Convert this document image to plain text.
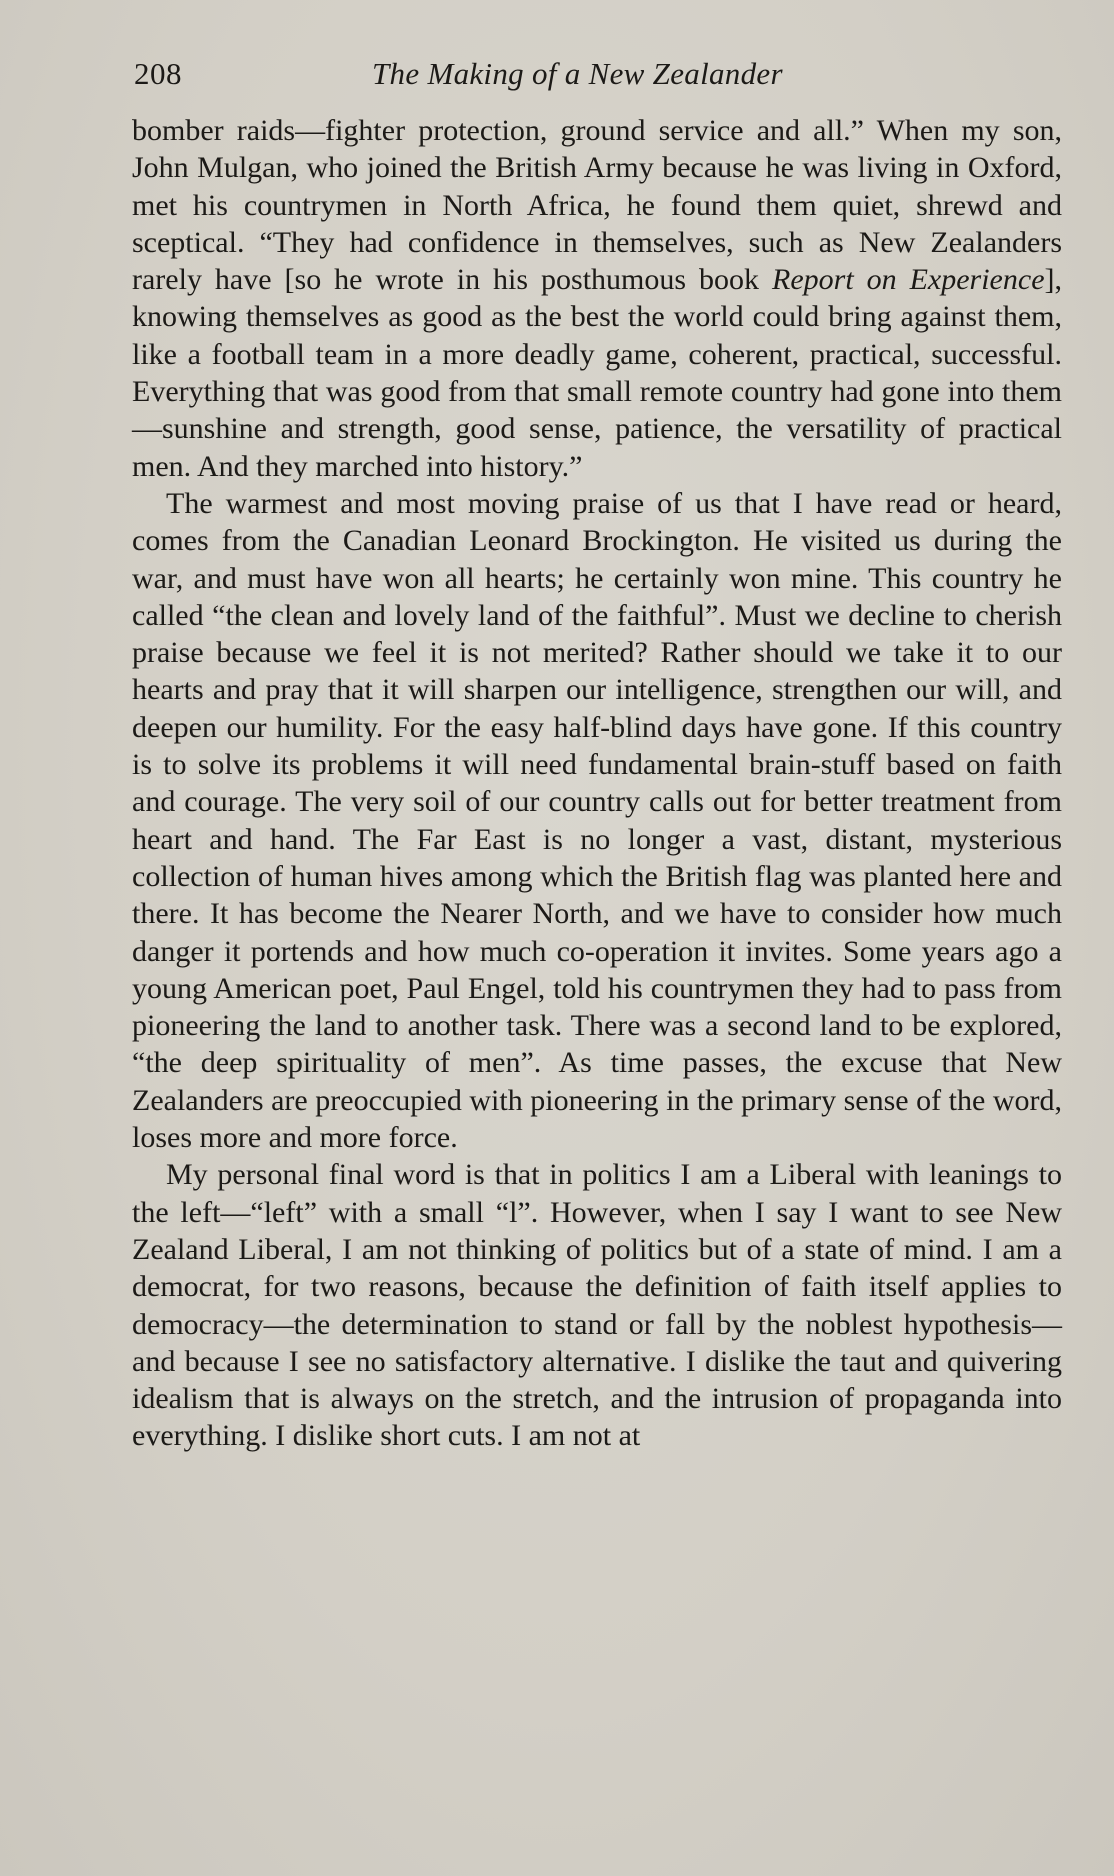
208	The Making of a New Zealander

bomber raids—fighter protection, ground service and all.” When my son, John Mulgan, who joined the British Army because he was living in Oxford, met his countrymen in North Africa, he found them quiet, shrewd and sceptical. “They had confidence in themselves, such as New Zealanders rarely have [so he wrote in his posthumous book Report on Experience], knowing themselves as good as the best the world could bring against them, like a football team in a more deadly game, coherent, practical, successful. Everything that was good from that small remote country had gone into them—sunshine and strength, good sense, patience, the versatility of practical men. And they marched into history.”

The warmest and most moving praise of us that I have read or heard, comes from the Canadian Leonard Brockington. He visited us during the war, and must have won all hearts; he certainly won mine. This country he called “the clean and lovely land of the faithful”. Must we decline to cherish praise because we feel it is not merited? Rather should we take it to our hearts and pray that it will sharpen our intelligence, strengthen our will, and deepen our humility. For the easy half-blind days have gone. If this country is to solve its problems it will need fundamental brain-stuff based on faith and courage. The very soil of our country calls out for better treatment from heart and hand. The Far East is no longer a vast, distant, mysterious collection of human hives among which the British flag was planted here and there. It has become the Nearer North, and we have to consider how much danger it portends and how much co-operation it invites. Some years ago a young American poet, Paul Engel, told his countrymen they had to pass from pioneering the land to another task. There was a second land to be explored, “the deep spirituality of men”. As time passes, the excuse that New Zealanders are preoccupied with pioneering in the primary sense of the word, loses more and more force.

My personal final word is that in politics I am a Liberal with leanings to the left—“left” with a small “l”. However, when I say I want to see New Zealand Liberal, I am not thinking of politics but of a state of mind. I am a democrat, for two reasons, because the definition of faith itself applies to democracy—the determination to stand or fall by the noblest hypothesis—and because I see no satisfactory alternative. I dislike the taut and quivering idealism that is always on the stretch, and the intrusion of propaganda into everything. I dislike short cuts. I am not at
